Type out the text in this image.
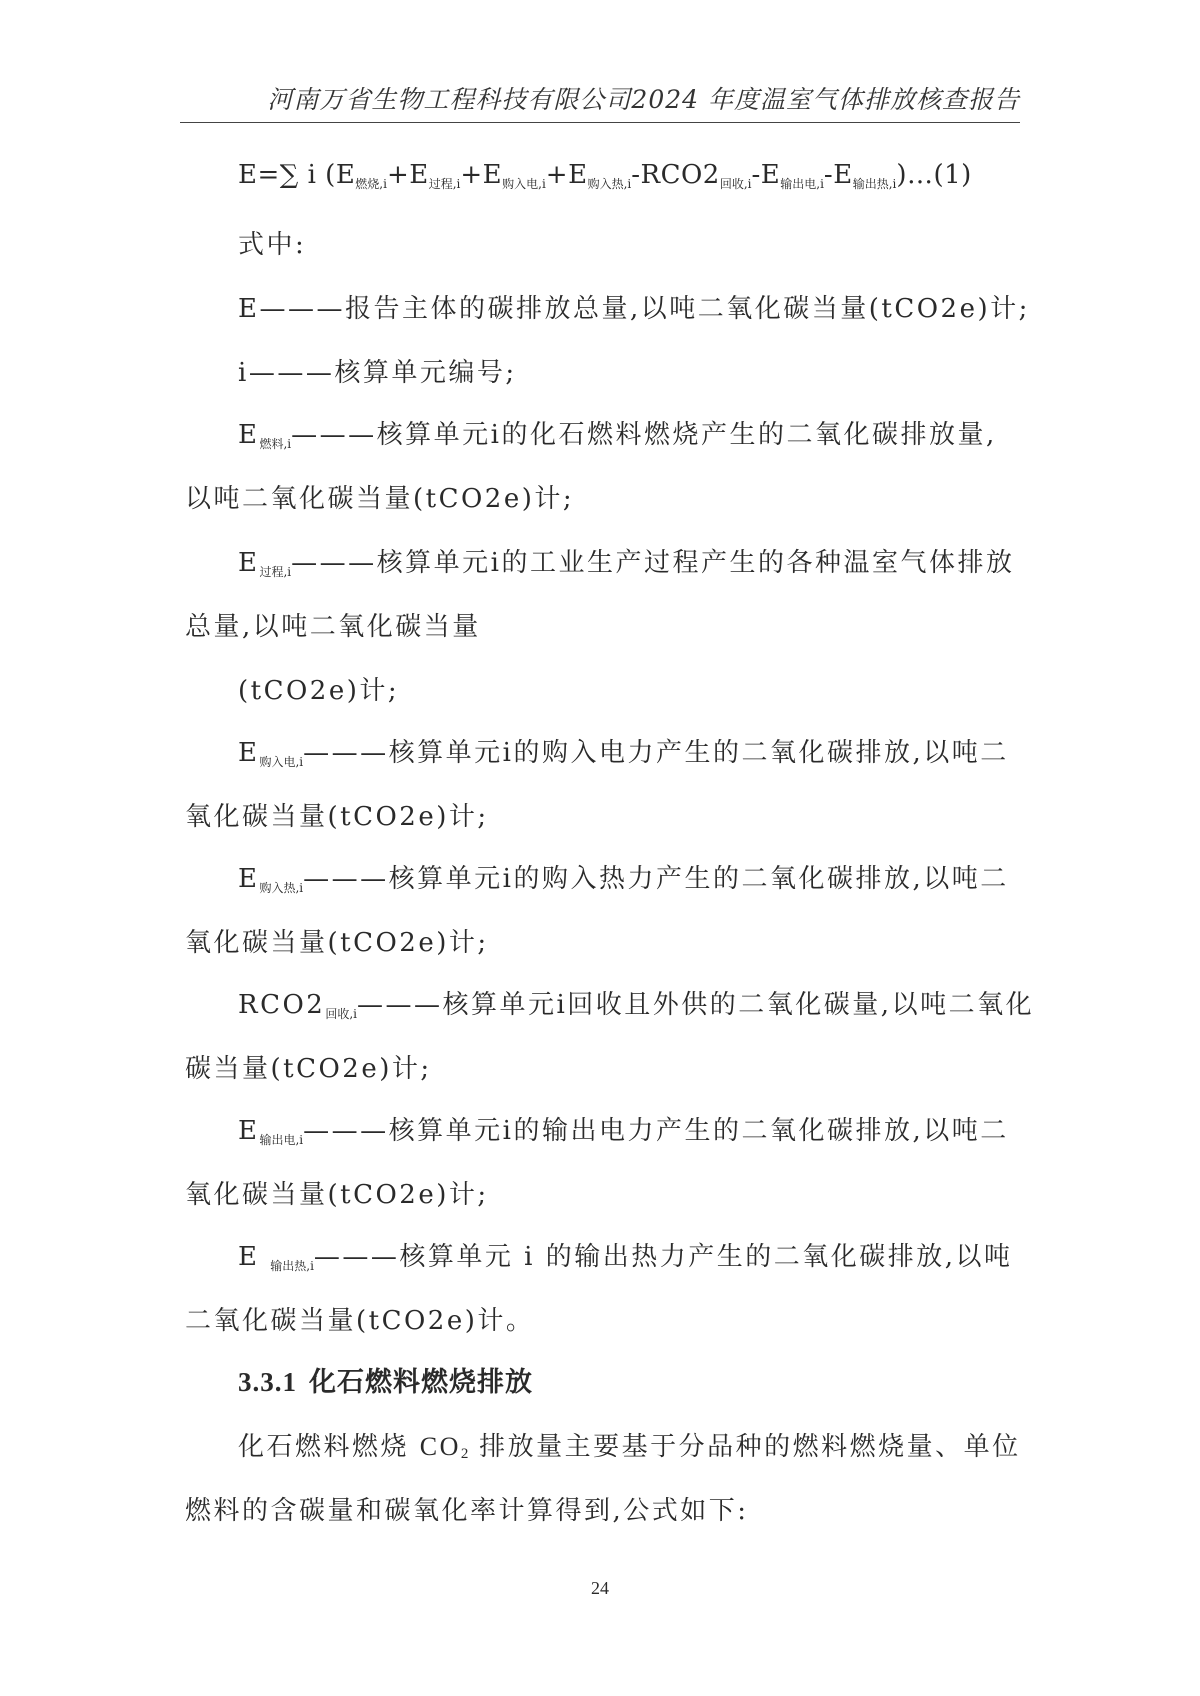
河南万省生物工程科技有限公司2024 年度温室气体排放核查报告
E=∑ i $(E_{燃烧,i}+E_{过程,i}+E_{购入电,i}+E_{购入热,i}-RCO2_{回收,i}-E_{输出电,i}-E_{输出热,i})\dots(1)$
式中:
E———报告主体的碳排放总量,以吨二氧化碳当量(tCO2e)计;
i———核算单元编号;
$E_{燃料,i}———$核算单元i的化石燃料燃烧产生的二氧化碳排放量,
以吨二氧化碳当量(tCO2e)计;
$E_{过程,i}———$核算单元i的工业生产过程产生的各种温室气体排放
总量,以吨二氧化碳当量
(tCO2e)计;
$E_{购入电,i}———$核算单元i的购入电力产生的二氧化碳排放,以吨二
氧化碳当量(tCO2e)计;
$E_{购入热,i}———$核算单元i的购入热力产生的二氧化碳排放,以吨二
氧化碳当量(tCO2e)计;
$RCO2_{回收,i}———$核算单元i回收且外供的二氧化碳量,以吨二氧化
碳当量(tCO2e)计;
$E_{输出电,i}———$核算单元i的输出电力产生的二氧化碳排放,以吨二
氧化碳当量(tCO2e)计;
E $_{输出热,i}$———核算单元 i 的输出热力产生的二氧化碳排放,以吨
二氧化碳当量(tCO2e)计。
3.3.1 化石燃料燃烧排放
化石燃料燃烧 $CO_2$ 排放量主要基于分品种的燃料燃烧量、单位
燃料的含碳量和碳氧化率计算得到,公式如下:
24
